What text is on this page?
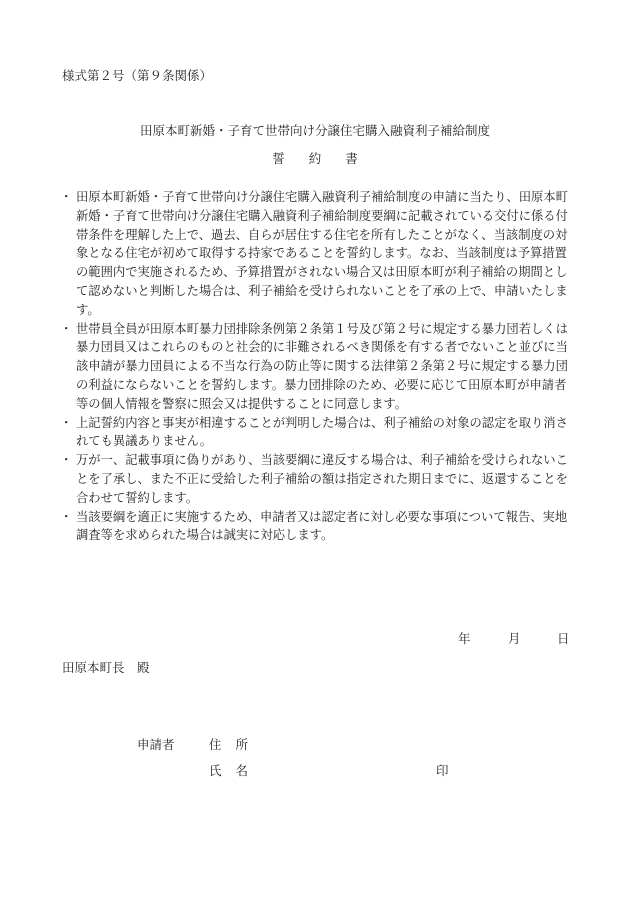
様式第２号（第９条関係）
田原本町新婚・子育て世帯向け分譲住宅購入融資利子補給制度
誓約書

・ 田原本町新婚・子育て世帯向け分譲住宅購入融資利子補給制度の申請に当たり、田原本町新婚・子育て世帯向け分譲住宅購入融資利子補給制度要綱に記載されている交付に係る付帯条件を理解した上で、過去、自らが居住する住宅を所有したことがなく、当該制度の対象となる住宅が初めて取得する持家であることを誓約します。なお、当該制度は予算措置の範囲内で実施されるため、予算措置がされない場合又は田原本町が利子補給の期間として認めないと判断した場合は、利子補給を受けられないことを了承の上で、申請いたします。

・ 世帯員全員が田原本町暴力団排除条例第２条第１号及び第２号に規定する暴力団若しくは暴力団員又はこれらのものと社会的に非難されるべき関係を有する者でないこと並びに当該申請が暴力団員による不当な行為の防止等に関する法律第２条第２号に規定する暴力団の利益にならないことを誓約します。暴力団排除のため、必要に応じて田原本町が申請者等の個人情報を警察に照会又は提供することに同意します。

・ 上記誓約内容と事実が相違することが判明した場合は、利子補給の対象の認定を取り消されても異議ありません。

・ 万が一、記載事項に偽りがあり、当該要綱に違反する場合は、利子補給を受けられないことを了承し、また不正に受給した利子補給の額は指定された期日までに、返還することを合わせて誓約します。

・ 当該要綱を適正に実施するため、申請者又は認定者に対し必要な事項について報告、実地調査等を求められた場合は誠実に対応します。

年	月	日
田原本町長　殿
申請者	住所
氏名	印
